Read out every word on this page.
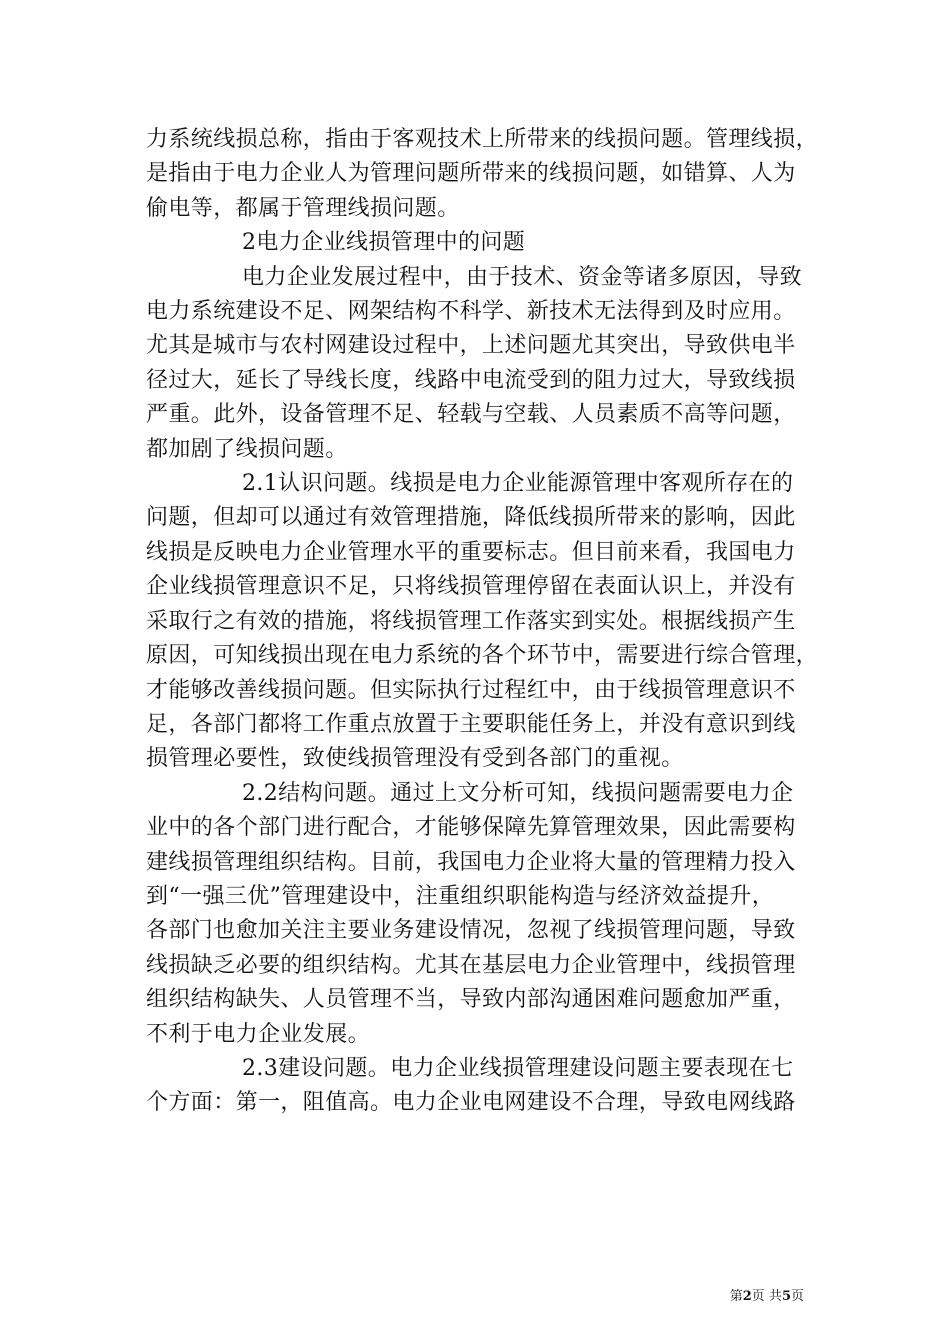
力系统线损总称，指由于客观技术上所带来的线损问题。管理线损，
是指由于电力企业人为管理问题所带来的线损问题，如错算、人为
偷电等，都属于管理线损问题。

2电力企业线损管理中的问题

电力企业发展过程中，由于技术、资金等诸多原因，导致
电力系统建设不足、网架结构不科学、新技术无法得到及时应用。
尤其是城市与农村网建设过程中，上述问题尤其突出，导致供电半
径过大，延长了导线长度，线路中电流受到的阻力过大，导致线损
严重。此外，设备管理不足、轻载与空载、人员素质不高等问题，
都加剧了线损问题。

2.1认识问题。线损是电力企业能源管理中客观所存在的
问题，但却可以通过有效管理措施，降低线损所带来的影响，因此
线损是反映电力企业管理水平的重要标志。但目前来看，我国电力
企业线损管理意识不足，只将线损管理停留在表面认识上，并没有
采取行之有效的措施，将线损管理工作落实到实处。根据线损产生
原因，可知线损出现在电力系统的各个环节中，需要进行综合管理，
才能够改善线损问题。但实际执行过程红中，由于线损管理意识不
足，各部门都将工作重点放置于主要职能任务上，并没有意识到线
损管理必要性，致使线损管理没有受到各部门的重视。

2.2结构问题。通过上文分析可知，线损问题需要电力企
业中的各个部门进行配合，才能够保障先算管理效果，因此需要构
建线损管理组织结构。目前，我国电力企业将大量的管理精力投入
到“一强三优”管理建设中，注重组织职能构造与经济效益提升，
各部门也愈加关注主要业务建设情况，忽视了线损管理问题，导致
线损缺乏必要的组织结构。尤其在基层电力企业管理中，线损管理
组织结构缺失、人员管理不当，导致内部沟通困难问题愈加严重，
不利于电力企业发展。

2.3建设问题。电力企业线损管理建设问题主要表现在七
个方面：第一，阻值高。电力企业电网建设不合理，导致电网线路

第2页 共5页
